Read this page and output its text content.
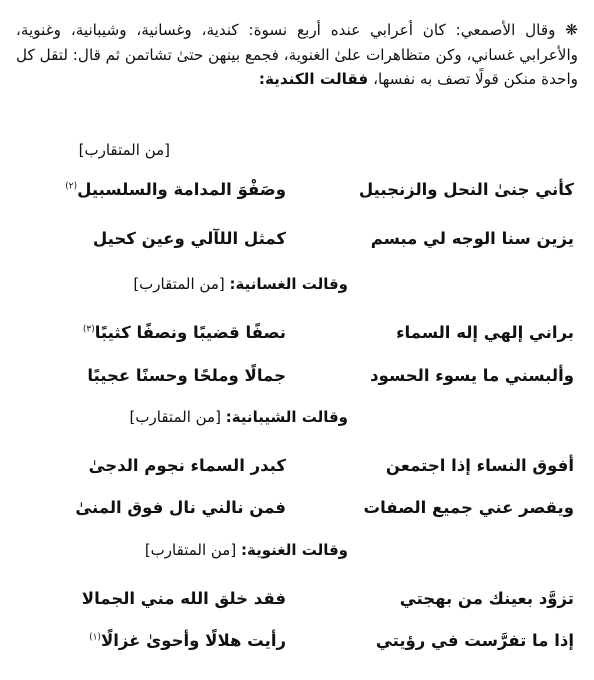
❋ وقال الأصمعي: كان أعرابي عنده أربع نسوة: كندية، وغسانية، وشيبانية، وغنوية، والأعرابي غساني، وكن متظاهرات علىٰ الغنوية، فجمع بينهن حتىٰ تشاتمن ثم قال: لتقل كل واحدة منكن قولًا تصف به نفسها، فقالت الكندية:
[من المتقارب]
كأني جنىٰ النحل والزنجبيل
وصَفْوَ المدامة والسلسبيل$^{(٢)}$
يزين سنا الوجه لي مبسم
كمثل اللآلي وعين كحيل
وقالت الغسانية: [من المتقارب]
براني إلهي إله السماء
نصفًا قضيبًا ونصفًا كثيبًا$^{(٣)}$
وألبسني ما يسوء الحسود
جمالًا وملحًا وحسنًا عجيبًا
وقالت الشيبانية: [من المتقارب]
أفوق النساء إذا اجتمعن
كبدر السماء نجوم الدجىٰ
ويقصر عني جميع الصفات
فمن نالني نال فوق المنىٰ
وقالت الغنوية: [من المتقارب]
تزوَّد بعينك من بهجتي
فقد خلق الله مني الجمالا
إذا ما تفرَّست في رؤيتي
رأيت هلالًا وأحوىٰ غزالًا$^{(١)}$
